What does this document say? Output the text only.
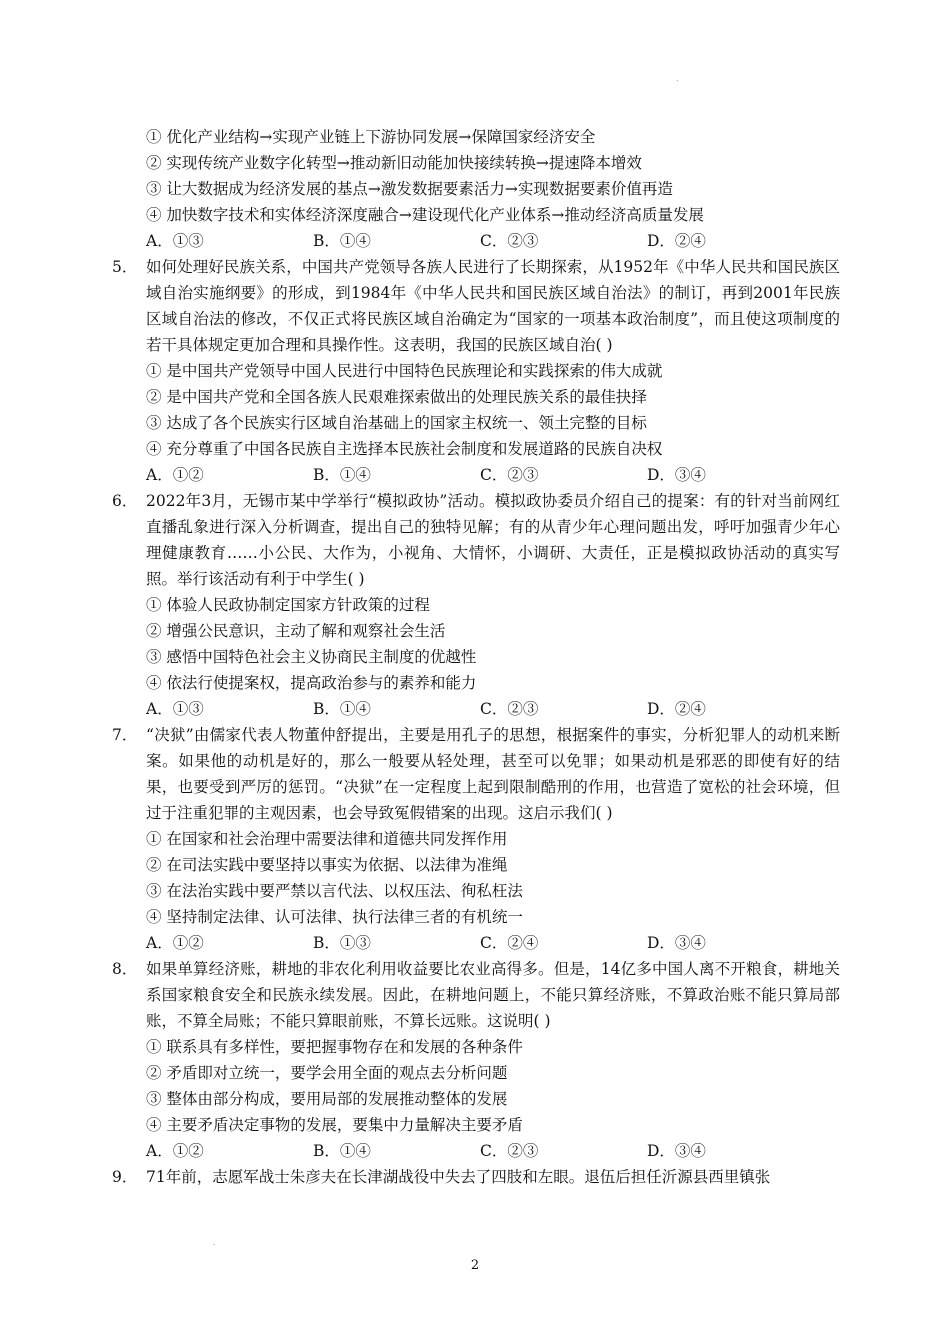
.
.
① 优化产业结构→实现产业链上下游协同发展→保障国家经济安全
② 实现传统产业数字化转型→推动新旧动能加快接续转换→提速降本增效
③ 让大数据成为经济发展的基点→激发数据要素活力→实现数据要素价值再造
④ 加快数字技术和实体经济深度融合→建设现代化产业体系→推动经济高质量发展
A．①③	B．①④	C．②③	D．②④
5． 如何处理好民族关系，中国共产党领导各族人民进行了长期探索，从1952年《中华人民共和国民族区域自治实施纲要》的形成，到1984年《中华人民共和国民族区域自治法》的制订，再到2001年民族区域自治法的修改，不仅正式将民族区域自治确定为“国家的一项基本政治制度”，而且使这项制度的若干具体规定更加合理和具操作性。这表明，我国的民族区域自治( )
① 是中国共产党领导中国人民进行中国特色民族理论和实践探索的伟大成就
② 是中国共产党和全国各族人民艰难探索做出的处理民族关系的最佳抉择
③ 达成了各个民族实行区域自治基础上的国家主权统一、领土完整的目标
④ 充分尊重了中国各民族自主选择本民族社会制度和发展道路的民族自决权
A．①②	B．①④	C．②③	D．③④
6． 2022年3月，无锡市某中学举行“模拟政协”活动。模拟政协委员介绍自己的提案：有的针对当前网红直播乱象进行深入分析调查，提出自己的独特见解；有的从青少年心理问题出发，呼吁加强青少年心理健康教育……小公民、大作为，小视角、大情怀，小调研、大责任，正是模拟政协活动的真实写照。举行该活动有利于中学生( )
① 体验人民政协制定国家方针政策的过程
② 增强公民意识，主动了解和观察社会生活
③ 感悟中国特色社会主义协商民主制度的优越性
④ 依法行使提案权，提高政治参与的素养和能力
A．①③	B．①④	C．②③	D．②④
7． “决狱”由儒家代表人物董仲舒提出，主要是用孔子的思想，根据案件的事实，分析犯罪人的动机来断案。如果他的动机是好的，那么一般要从轻处理，甚至可以免罪；如果动机是邪恶的即使有好的结果，也要受到严厉的惩罚。“决狱”在一定程度上起到限制酷刑的作用，也营造了宽松的社会环境，但过于注重犯罪的主观因素，也会导致冤假错案的出现。这启示我们( )
① 在国家和社会治理中需要法律和道德共同发挥作用
② 在司法实践中要坚持以事实为依据、以法律为准绳
③ 在法治实践中要严禁以言代法、以权压法、徇私枉法
④ 坚持制定法律、认可法律、执行法律三者的有机统一
A．①②	B．①③	C．②④	D．③④
8． 如果单算经济账，耕地的非农化利用收益要比农业高得多。但是，14亿多中国人离不开粮食，耕地关系国家粮食安全和民族永续发展。因此，在耕地问题上，不能只算经济账，不算政治账不能只算局部账，不算全局账；不能只算眼前账，不算长远账。这说明( )
① 联系具有多样性，要把握事物存在和发展的各种条件
② 矛盾即对立统一，要学会用全面的观点去分析问题
③ 整体由部分构成，要用局部的发展推动整体的发展
④ 主要矛盾决定事物的发展，要集中力量解决主要矛盾
A．①②	B．①④	C．②③	D．③④
9． 71年前，志愿军战士朱彦夫在长津湖战役中失去了四肢和左眼。退伍后担任沂源县西里镇张
2
